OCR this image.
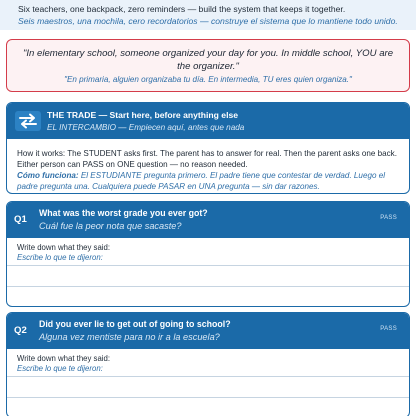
Six teachers, one backpack, zero reminders — build the system that keeps it together.
Seis maestros, una mochila, cero recordatorios — construye el sistema que lo mantiene todo unido.
"In elementary school, someone organized your day for you. In middle school, YOU are the organizer."
"En primaria, alguien organizaba tu día. En intermedia, TU eres quien organiza."
THE TRADE — Start here, before anything else
EL INTERCAMBIO — Empiecen aquí, antes que nada
How it works: The STUDENT asks first. The parent has to answer for real. Then the parent asks one back. Either person can PASS on ONE question — no reason needed.
Cómo funciona: El ESTUDIANTE pregunta primero. El padre tiene que contestar de verdad. Luego el padre pregunta una. Cualquiera puede PASAR en UNA pregunta — sin dar razones.
Q1
What was the worst grade you ever got?
Cuál fue la peor nota que sacaste?
PASS
Write down what they said:
Escribe lo que te dijeron:
Q2
Did you ever lie to get out of going to school?
Alguna vez mentiste para no ir a la escuela?
PASS
Write down what they said:
Escribe lo que te dijeron:
